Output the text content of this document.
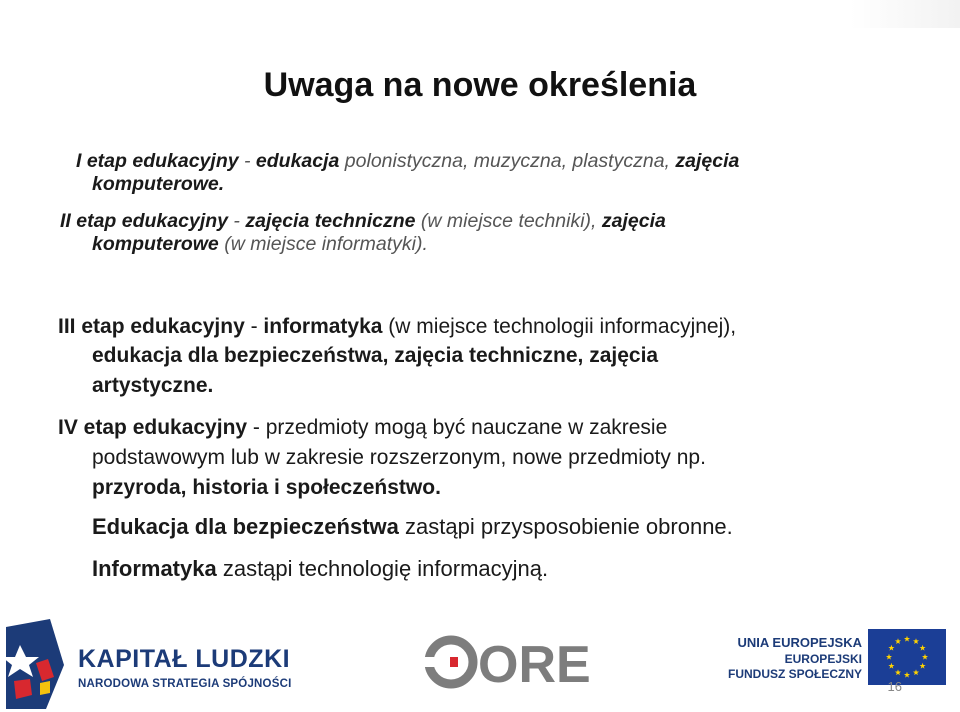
Uwaga na nowe określenia

I etap edukacyjny - edukacja polonistyczna, muzyczna, plastyczna, zajęcia
komputerowe.

II etap edukacyjny - zajęcia techniczne (w miejsce techniki), zajęcia
komputerowe (w miejsce informatyki).

III etap edukacyjny - informatyka (w miejsce technologii informacyjnej),
edukacja dla bezpieczeństwa, zajęcia techniczne, zajęcia
artystyczne.

IV etap edukacyjny - przedmioty mogą być nauczane w zakresie
podstawowym lub w zakresie rozszerzonym, nowe przedmioty np.
przyroda, historia i społeczeństwo.

Edukacja dla bezpieczeństwa zastąpi przysposobienie obronne.

Informatyka zastąpi technologię informacyjną.

KAPITAŁ LUDZKI
NARODOWA STRATEGIA SPÓJNOŚCI	ORE	UNIA EUROPEJSKA
EUROPEJSKI
FUNDUSZ SPOŁECZNY
16
